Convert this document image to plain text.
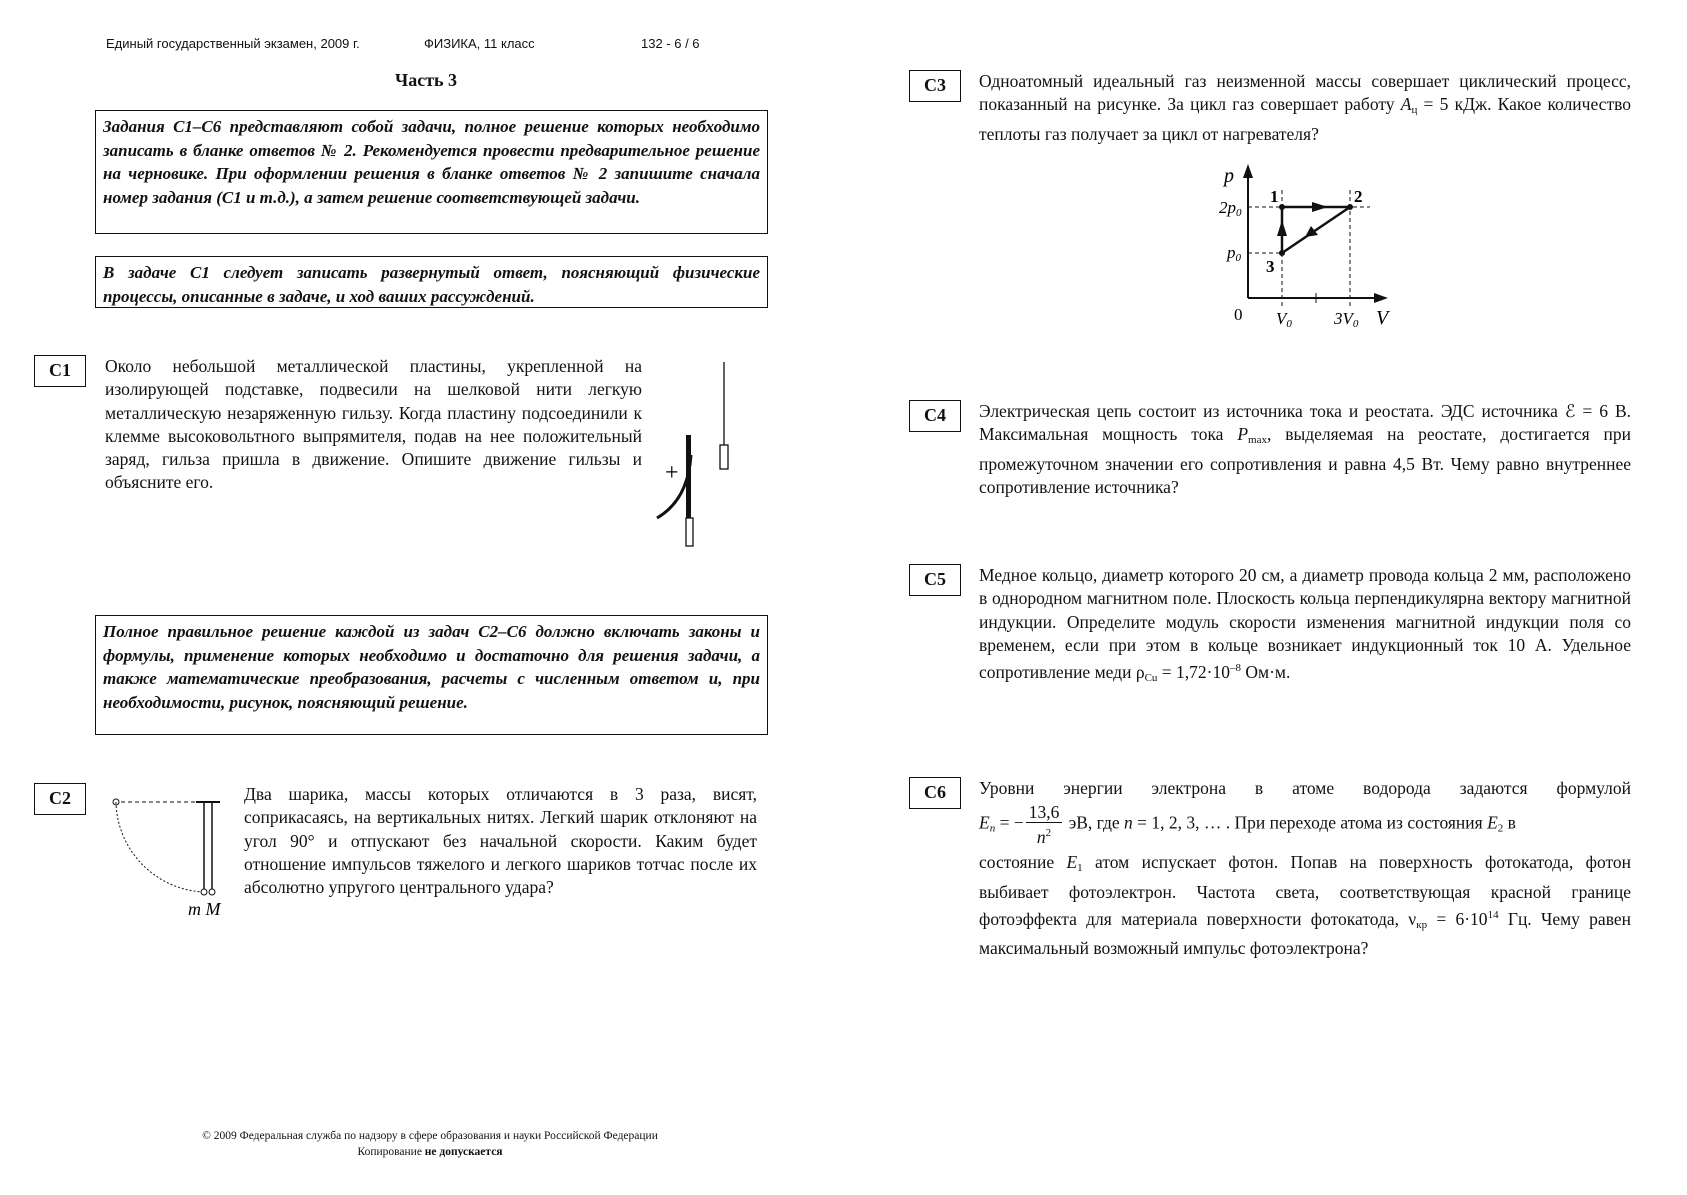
Единый государственный экзамен, 2009 г.	ФИЗИКА, 11 класс	132 - 6 / 6
Часть 3
Задания С1–С6 представляют собой задачи, полное решение которых необходимо записать в бланке ответов № 2. Рекомендуется провести предварительное решение на черновике. При оформлении решения в бланке ответов № 2 запишите сначала номер задания (С1 и т.д.), а затем решение соответствующей задачи.
В задаче С1 следует записать развернутый ответ, поясняющий физические процессы, описанные в задаче, и ход ваших рассуждений.
Полное правильное решение каждой из задач С2–С6 должно включать законы и формулы, применение которых необходимо и достаточно для решения задачи, а также математические преобразования, расчеты с численным ответом и, при необходимости, рисунок, поясняющий решение.
С1	Около небольшой металлической пластины, укрепленной на изолирующей подставке, подвесили на шелковой нити легкую металлическую незаряженную гильзу. Когда пластину подсоединили к клемме высоковольтного выпрямителя, подав на нее положительный заряд, гильза пришла в движение. Опишите движение гильзы и объясните его.	+
С2
m M
Два шарика, массы которых отличаются в 3 раза, висят, соприкасаясь, на вертикальных нитях. Легкий шарик отклоняют на угол 90° и отпускают без начальной скорости. Каким будет отношение импульсов тяжелого и легкого шариков тотчас после их абсолютно упругого центрального удара?
С3	Одноатомный идеальный газ неизменной массы совершает циклический процесс, показанный на рисунке. За цикл газ совершает работу $A_ц = 5$ кДж. Какое количество теплоты газ получает за цикл от нагревателя?
p
V
0
2p0
p0
V0 3V0
1	2
3
С4	Электрическая цепь состоит из источника тока и реостата. ЭДС источника ℰ = 6 В. Максимальная мощность тока $P_{max}$, выделяемая на реостате, достигается при промежуточном значении его сопротивления и равна 4,5 Вт. Чему равно внутреннее сопротивление источника?
С5	Медное кольцо, диаметр которого 20 см, а диаметр провода кольца 2 мм, расположено в однородном магнитном поле. Плоскость кольца перпендикулярна вектору магнитной индукции. Определите модуль скорости изменения магнитной индукции поля со временем, если при этом в кольце возникает индукционный ток 10 А. Удельное сопротивление меди $\rho_{Cu} = 1,72\cdot 10^{-8}$ Ом·м.
С6	Уровни энергии электрона в атоме водорода задаются формулой
$E_n$ = − $\frac{13,6}{n^2}$ эВ, где n = 1, 2, 3, … . При переходе атома из состояния $E_2$ в
состояние $E_1$ атом испускает фотон. Попав на поверхность фотокатода, фотон выбивает фотоэлектрон. Частота света, соответствующая красной границе фотоэффекта для материала поверхности фотокатода, $\nu_{кр} = 6\cdot 10^{14}$ Гц. Чему равен максимальный возможный импульс фотоэлектрона?
© 2009 Федеральная служба по надзору в сфере образования и науки Российской Федерации
Копирование не допускается
